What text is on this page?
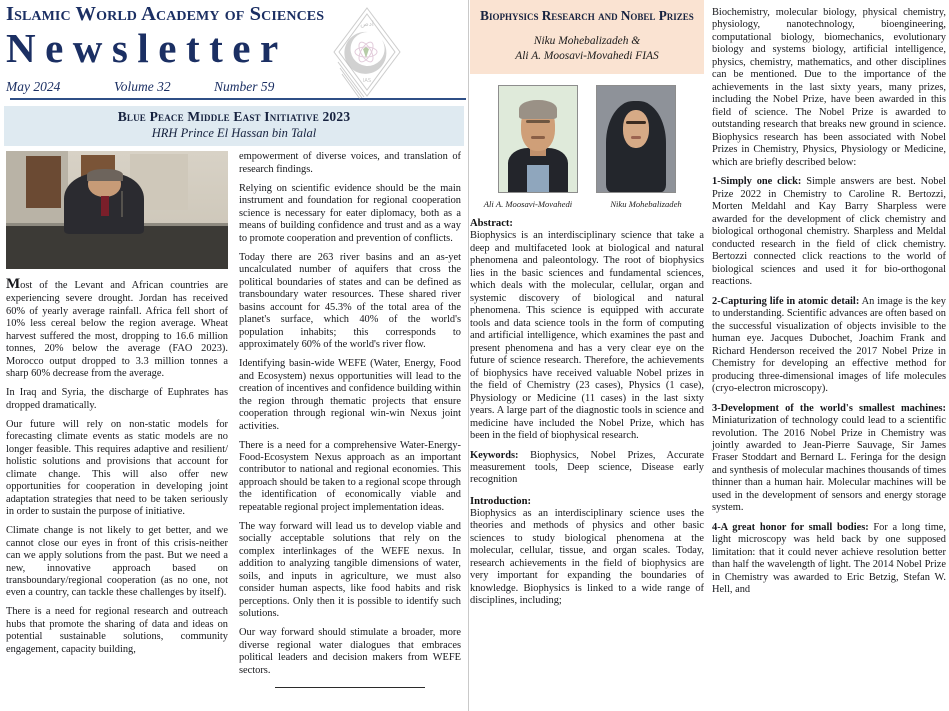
Islamic World Academy of Sciences
Newsletter
May 2024	Volume 32	Number 59
ادص
IAS
Blue Peace Middle East Initiative 2023
HRH Prince El Hassan bin Talal

Most of the Levant and African countries are experiencing severe drought. Jordan has received 60% of yearly average rainfall. Africa fell short of 10% less cereal below the region average. Wheat harvest suffered the most, dropping to 16.6 million tonnes, 20% below the average (FAO 2023). Morocco output dropped to 3.3 million tonnes a sharp 60% decrease from the average.

In Iraq and Syria, the discharge of Euphrates has dropped dramatically.

Our future will rely on non-static models for forecasting climate events as static models are no longer feasible. This requires adaptive and resilient/ holistic solutions and provisions that account for climate change. This will also offer new opportunities for cooperation in developing joint adaptation strategies that need to be taken seriously in order to sustain the purpose of initiative.

Climate change is not likely to get better, and we cannot close our eyes in front of this crisis-neither can we apply solutions from the past. But we need a new, innovative approach based on transboundary/regional cooperation (as no one, not even a country, can tackle these challenges by itself).

There is a need for regional research and outreach hubs that promote the sharing of data and ideas on potential sustainable solutions, community engagement, capacity building,

empowerment of diverse voices, and translation of research findings.

Relying on scientific evidence should be the main instrument and foundation for regional cooperation science is necessary for eater diplomacy, both as a means of building confidence and trust and as a way to promote cooperation and prevention of conflicts.

Today there are 263 river basins and an as-yet uncalculated number of aquifers that cross the political boundaries of states and can be defined as transboundary water resources. These shared river basins account for 45.3% of the total area of the planet's surface, which 40% of the world's population inhabits; this corresponds to approximately 60% of the world's river flow.

Identifying basin-wide WEFE (Water, Energy, Food and Ecosystem) nexus opportunities will lead to the creation of incentives and confidence building within the region through thematic projects that ensure cooperation through regional win-win Nexus joint activities.

There is a need for a comprehensive Water-Energy-Food-Ecosystem Nexus approach as an important contributor to national and regional economies. This approach should be taken to a regional scope through the identification of economically viable and repeatable regional project implementation ideas.

The way forward will lead us to develop viable and socially acceptable solutions that rely on the complex interlinkages of the WEFE nexus. In addition to analyzing tangible dimensions of water, soils, and inputs in agriculture, we must also consider human aspects, like food habits and risk perceptions. Only then it is possible to identify such solutions.

Our way forward should stimulate a broader, more diverse regional water dialogues that embraces political leaders and decision makers from WEFE sectors.

Biophysics Research and Nobel Prizes
Niku Mohebalizadeh &
Ali A. Moosavi-Movahedi FIAS
Ali A. Moosavi-Movahedi	Niku Mohebalizadeh
Abstract:

Biophysics is an interdisciplinary science that take a deep and multifaceted look at biological and natural phenomena and paleontology. The root of biophysics lies in the basic sciences and fundamental sciences, which deals with the molecular, cellular, organ and systemic discovery of biological and natural phenomena. This science is equipped with accurate tools and data science tools in the form of computing and artificial intelligence, which examines the past and present phenomena and has a very clear eye on the future of science research. Therefore, the achievements of biophysics have received valuable Nobel prizes in the field of Chemistry (23 cases), Physics (1 case), Physiology or Medicine (11 cases) in the last sixty years. A large part of the diagnostic tools in science and medicine have included the Nobel Prize, which has been in the field of biophysical research.

Keywords: Biophysics, Nobel Prizes, Accurate measurement tools, Deep science, Disease early recognition

Introduction:

Biophysics as an interdisciplinary science uses the theories and methods of physics and other basic sciences to study biological phenomena at the molecular, cellular, tissue, and organ scales. Today, research achievements in the field of biophysics are very important for expanding the boundaries of knowledge. Biophysics is linked to a wide range of disciplines, including;

Biochemistry, molecular biology, physical chemistry, physiology, nanotechnology, bioengineering, computational biology, biomechanics, evolutionary biology and systems biology, artificial intelligence, physics, chemistry, mathematics, and other disciplines can be mentioned. Due to the importance of the achievements in the last sixty years, many prizes, including the Nobel Prize, have been awarded in this field of science. The Nobel Prize is awarded to outstanding research that breaks new ground in science. Biophysics research has been associated with Nobel Prizes in Chemistry, Physics, Physiology or Medicine, which are briefly described below:

1-Simply one click: Simple answers are best. Nobel Prize 2022 in Chemistry to Caroline R. Bertozzi, Morten Meldahl and Kay Barry Sharpless were awarded for the development of click chemistry and biological orthogonal chemistry. Sharpless and Meldal conducted research in the field of click chemistry. Bertozzi connected click reactions to the world of biological sciences and used it for bio-orthogonal reactions.

2-Capturing life in atomic detail: An image is the key to understanding. Scientific advances are often based on the successful visualization of objects invisible to the human eye. Jacques Dubochet, Joachim Frank and Richard Henderson received the 2017 Nobel Prize in Chemistry for developing an effective method for producing three-dimensional images of life molecules (cryo-electron microscopy).

3-Development of the world's smallest machines: Miniaturization of technology could lead to a scientific revolution. The 2016 Nobel Prize in Chemistry was jointly awarded to Jean-Pierre Sauvage, Sir James Fraser Stoddart and Bernard L. Feringa for the design and synthesis of molecular machines thousands of times thinner than a human hair. Molecular machines will be used in the development of sensors and energy storage system.

4-A great honor for small bodies: For a long time, light microscopy was held back by one supposed limitation: that it could never achieve resolution better than half the wavelength of light. The 2014 Nobel Prize in Chemistry was awarded to Eric Betzig, Stefan W. Hell, and
